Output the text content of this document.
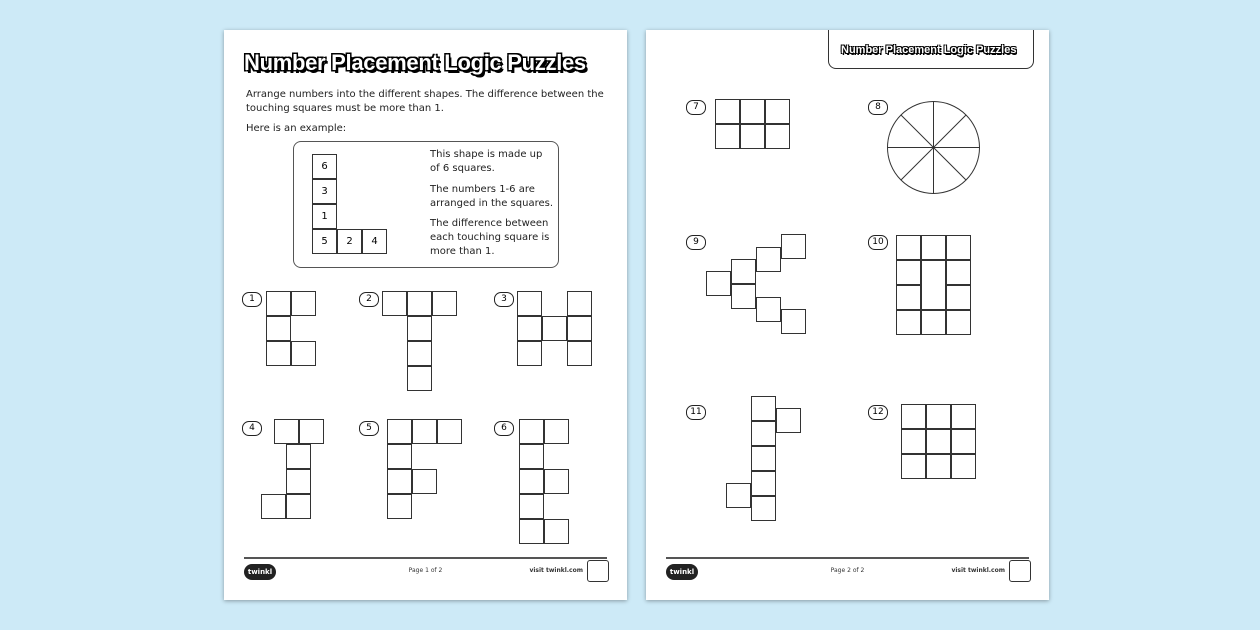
Number Placement Logic Puzzles
Arrange numbers into the different shapes. The difference between the touching squares must be more than 1.
Here is an example:

This shape is made up of 6 squares.

The numbers 1-6 are arranged in the squares.

The difference between each touching square is more than 1.

twinkl	Page 1 of 2	visit twinkl.com
6
3
1
5	2	4
1	2	3
4	5	6
Number Placement Logic Puzzles
twinkl	Page 2 of 2	visit twinkl.com
7	8
9	10
11	12
